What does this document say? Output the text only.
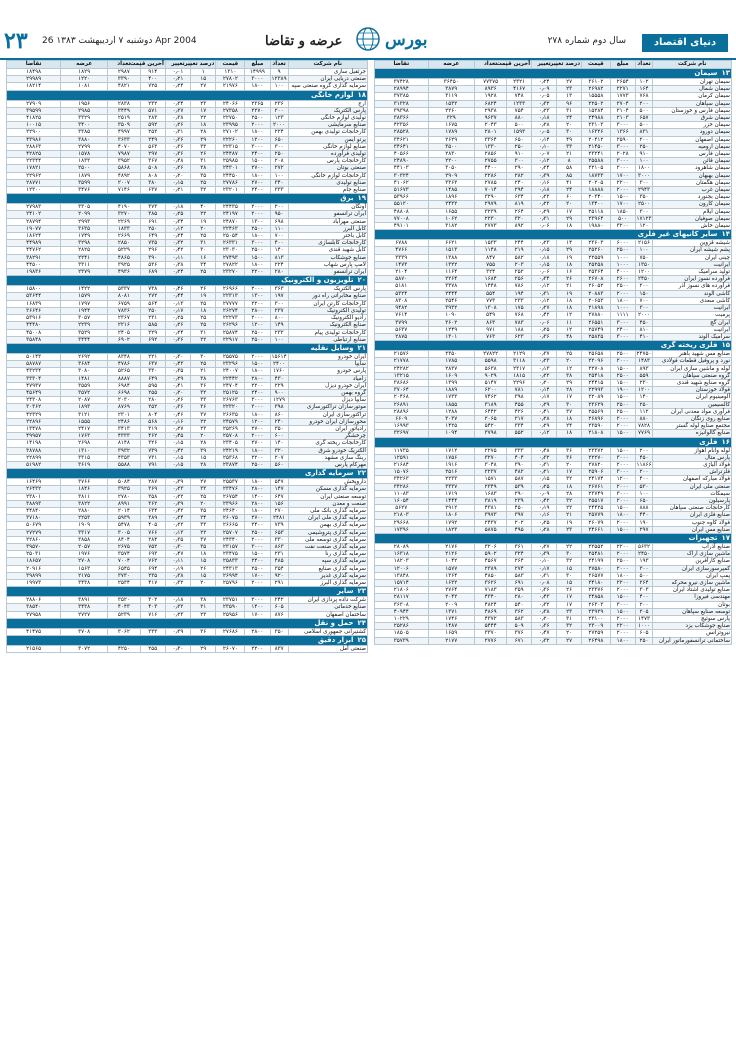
دنیای اقتصاد
سال دوم شماره ۲۷۸
بورس
عرضه و تقاضا
دوشنبه ۷ اردیبهشت ۱۳۸۳ 26 Apr 2004
۲۳
نام شرکت	تعداد	مبلغ	قیمت	درصد تغییر	تغییر	آخرین قیمت	تعداد	عرضه	تقاضا
۱۳سیمان									
سیمان تهران	۱۰۲	۲۶۵۴	۳۶۱۰۲	۲۷	۰٫۲۴	۲۳۲۱	۷۷۳۷۵	۳۶۴۵۰	۳۷۴۲۸
سیمان شمال	۱۶۴	۲۲۷۱	۲۶۹۸۲	۲۳	۰٫۰۹	۴۱۶۷	۸۹۳۶	۳۸۷۹	۲۸۹۹۴
سیمان کرمان	۷۶۸	۱۷۷۳	۱۵۵۵۸	۱۳	۰٫۰۵	۷۴۸	۱۹۲۸	۳۱۱۹	۳۷۳۸۵
سیمان سپاهان	۲۰۰	۲۷۰۴	۲۲۵۰۲	۹۶	۰٫۳۲	۱۲۳۳	۶۸۲۴	۱۵۳۲	۳۱۳۲۸
سیمان فارس و خوزستان	۵۰۰	۲۱۰۴	۱۵۲۸۴	۳۱	۰٫۲۳	۷۵۴	۲۹۳۸	۲۲۶۰	۳۹۳۹۸
سیمان شرق	۶۵۷	۲۱۰۳	۲۴۹۸۸	۲۴	۰٫۱۸	۸۸۰	۹۶۳۷	۳۲۹	۳۸۳۶۶
سیمان خزر	۵۰۰	۳۰۰۰	۲۳۱۰۳	۲۰	۰٫۲۸	۵۰۰	۲۰۴۳	۱۶۷۵	۴۲۳۵۶
سیمان دورود	۸۳۱	۱۳۶۶	۱۶۳۲۶	۳۰	۰٫۰۵	۱۵۹۳	۲۸۰۱	۱۷۸۹	۲۸۵۲۸
سیمان اصفهان	۲۰۰	۲۵۹۰	۲۰۴۱۲	۴۹	۰٫۱۴	۶۵۰	۳۳۶۴	۲۶۲۹	۳۴۶۲۱
سیمان ارومیه	۲۵۰	۳۰۰۰	۲۱۴۵۰	۳۳	۰٫۱۰	۲۵۰	۱۳۳۰	۳۵۰۰	۳۴۶۴۱
سیمان فارس	۹۱۰	۲۰۲۸	۲۳۲۴۱	۲۱	۰٫۰۷	۹۱۰	۲۸۵۶	۲۸۳۰	۴۰۵۶۶
سیمان قائن	۱۰۰	۳۰۰۰	۲۵۵۸۸	۸	۰٫۱۲	۳۰۰	۲۷۵۵	۲۲۰۰	۲۴۸۹۰
سیمان شاهرود	۱۸۰۰	۲۰۰۰	۲۲۱۰۵	۵۸	۰٫۲۴	۲۹۰	۴۴۰۰	۳۰۵۰	۴۴۱۰۳
سیمان بهبهان	۳۰۰۰	۱۷۰۰	۱۸۷۳۳	۸۵	۰٫۳۹	۲۸۲	۲۲۸۶	۲۹۰۹	۳۰۳۲۴
سیمان هگمتان	۳۰۰	۲۲۰۰	۲۰۲۰۵	۴۱	۰٫۱۶	۲۴۰	۲۷۸۵	۳۳۶۳	۴۱۰۶۲
سیمان غرب	۲۹۴۳	۲۰۰۰	۱۸۸۸۸	۲۴	۰٫۱۸	۲۹۴	۷۰۱۴	۱۴۸۵	۵۱۶۷۳
سیمان بجنورد	۳۵۰	۱۵۰۰	۲۰۳۴۰	۶۰	۰٫۲۲	۶۳۴	۳۲۹۰	۱۸۹۶	۵۳۹۶۶
سیمان کارون	۲۵۰۰	۱۷۰۰	۱۳۴۰۰	۲۰	۰٫۲۲	۸۱۹	۲۹۷۹	۲۴۳۲	۵۵۱۲۰
سیمان ایلام	۳۰۰	۱۸۵۰	۲۵۱۱۸	۱۷	۰٫۲۹	۲۶۴	۳۲۳۹	۱۶۵۵	۴۸۸۰۸
سیمان صوفیان	۱۷۱۲۳	۵۰۰	۲۳۹۶۴	۲۹	۰٫۳۱	۳۲۰	۲۲۳۰	۱۰۶۲	۷۷۰۰۸
سیمان خاش	۱۲۰	۳۲۰۰	۱۹۸۸۰	۱۸	۰٫۰۶	۸۹۲	۲۷۷۳	۳۱۸۲	۴۹۱۰۱
۱۴سایر کانیهای غیر فلزی									
شیشه قزوین	۲۱۵۶	۶۰۰۰	۲۳۶۰۳	۱۴	۰٫۲۳	۲۴۴	۱۵۳۳	۶۶۲۱	۶۷۸۸
پشم شیشه ایران	۱۰۰	۲۵۰۰	۲۵۲۶۰	۲۹	۰٫۱۵	۲۱۹	۱۱۴۸	۱۵۱۳	۴۷۶۶
چینی ایران	۷۵۰	۱۰۰۰	۲۲۵۵۹	۱۹	۰٫۱۸	۵۸۲	۸۴۷	۱۳۸۸	۳۳۳۹
ایرانیت	۱۳۵۰	۱۰۰۰	۲۵۲۵۸	۱۸	۰٫۱۵	۲۰۳	۷۵۵	۱۳۲۲	۱۴۷۳
تولید سرامیک	۱۲۰۰	۴۰۰۰	۲۵۳۶۴	۱۶	۰٫۰۶	۲۵۲	۳۲۴	۱۱۶۴	۲۱۰۴
فرآورده نسوز ایران	۲۴۵۰	۲۶۰۰	۲۶۷۰۸	۲۶	۰٫۳۴	۲۵۶	۱۶۸۴	۲۲۶۴	۵۸۷۰
فرآورده های نسوز آذر	۲۰۰	۲۵۰۰	۲۶۰۵۲	۲۱	۰٫۱۲	۷۸۶	۱۴۴۸	۳۳۷۸	۵۱۸۱
کاشی الوند	۱۵۰	۲۰۰۰	۲۰۸۸۳	۱۹	۰٫۳۱	۱۹۴	۵۵۴	۲۴۴۴	۵۳۲۴
کاشی سعدی	۷۰۰	۱۸۰۰	۲۰۶۵۳	۱۸	۰٫۱۲	۲۳۳	۷۷۳	۲۵۴۶	۸۳۰۸
ایرانیت	۳۰۰	۱۰۰۰	۲۱۸۹۸	۱۸	۰٫۲۷	۱۷۵	۱۳۰۸	۳۹۳۲	۹۴۸۲
پرمیت	۲۰۰۰	۱۱۱۱	۲۷۸۸۰	۱۲	۰٫۴۲	۷۶۸	۵۴۹	۱۰۹۰	۷۶۱۴
ایران گچ	۴۵۰	۳۰۰۰	۲۶۵۵۱	۱۱	۰٫۰۶	۷۸۳	۸۶۳	۳۶۰۲	۳۷۹۹
ایرانیت	۸۱۰	۲۴۰۰	۲۵۷۴۹	۱۲	۰٫۲۵	۱۸۸	۹۷۱	۱۲۴۹	۵۶۳۷
سرامیک الوند	۴۱۰	۳۰۰۰	۲۵۸۳۵	۴۸	۰٫۳۶	۶۲۳	۷۶۳	۱۳۰۱	۲۸۷۵
۱۵فلزی ریخته گری									
صنایع مس شهید باهنر	۲۴۷۵۰	۲۵۰۰	۲۵۶۵۸	۲۵	۰٫۳۷	۲۱۲۹	۲۷۸۲۲	۲۳۵۰	۲۱۵۷۶
نورد و پروفیل قطعات فولادی	۱۴۸۳	۲۰۰۰	۲۲۰۹۶	۲۰	۰٫۲۳	۳۱۱۸	۵۵۹۸	۱۷۸۵	۲۱۷۷۸
لوله و ماشین سازی ایران	۸۹۳	۱۵۰۰	۲۲۷۰۸	۱۲	۰٫۱۳	۲۳۱۷	۵۶۳۸	۲۸۳۷	۲۴۲۸۲
گروه صنعتی سپاهان	۵۵۹	۲۵۰۰	۲۵۴۱۸	۳۸	۰٫۲۲	۱۸۱۵	۹۰۲۹	۱۶۰۹	۱۳۲۱۵
گروه صنایع شهید قندی	۲۳۰	۱۵۰۰	۲۴۴۱۵	۲۹	۰٫۲۰	۲۲۹۶	۵۱۴۷	۱۳۹۹	۳۸۶۸۶
فولاد خوزستان	۱۲۰۰	۱۹۰۰	۲۲۹۹۳	۲۸	۰٫۱۴	۷۸۱	۶۲۰۰	۱۸۸۹	۳۷۰۶۴
آلومینیوم ایران	۱۴۰	۱۵۰۰	۲۲۰۸۹	۱۷	۰٫۱۷	۳۹۸	۷۴۶۲	۱۷۳۳	۲۰۴۶۸
کالسیمین	۲۵۰	۲۵۰۰	۲۳۶۲۹	۳۰	۰٫۲۹	۴۵۵	۳۱۸۹	۱۸۵۵	۲۶۸۹۱
فرآوری مواد معدنی ایران	۱۱۲	۲۵۰۰	۲۵۵۶۹	۳۷	۰٫۴۱	۴۲۶	۶۴۴۲	۱۲۸۸	۲۸۸۹۶
صنایع روی زنگان	۸۸۰	۲۰۰۰	۲۶۸۹۶	۱۸	۰٫۲۸	۲۱۷	۲۰۶۵	۳۰۳۷	۶۶۰۹
مجتمع صنایع لوله گستر	۷۸۲۸	۲۰۰۰	۲۳۵۹۰	۲۴	۰٫۲۹	۳۳۴	۵۴۲۰	۱۴۲۵	۱۶۹۹۳
صنایع گالوانیزه	۷۷۶۹	۱۵۰۰	۲۱۸۰۸	۱۸	۰٫۱۲	۵۵۲	۳۷۹۸	۱۰۹۴	۳۲۶۹۷
۱۶فلزی									
لوله وانام اهواز	۲۰۰	۱۵۰۰	۲۳۳۷۲	۳۶	۰٫۴۸	۳۳۳	۲۲۷۵	۱۷۱۲	۱۱۷۳۵
پارس متال	۴۵۰	۳۰۰۰	۲۲۲۷۰	۳۶	۰٫۳۲	۴۰۴	۳۲۷۰	۱۷۵۶	۱۲۵۹۱
فولاد آلیاژی	۱۱۸۶۶	۲۰۰۰	۲۷۸۲۰	۲۰	۰٫۳۱	۳۹۰	۳۰۴۸	۱۹۱۶	۲۱۶۸۴
فلزتراش	۲۰۰	۳۰۰۰	۲۵۹۰۶	۱۷	۰٫۲۱	۴۸۲	۲۲۳۷	۲۵۱۶	۱۵۰۷۶
فولاد مبارکه اصفهان	۴۰۰	۱۲۰۰	۲۴۱۷۴	۳۲	۰٫۱۵	۵۸۷	۱۵۷۱	۲۲۳۳	۳۴۲۶۳
صنعتی ملی ایران	۵۳۰	۲۰۰۰	۲۶۷۶۱	۱۸	۰٫۲۵	۵۳۹	۲۳۴۹	۳۳۳۷	۳۴۲۸۶
سیمکات	۱۰۰	۳۰۰۰	۲۳۷۴۹	۲۸	۰٫۰۹	۲۹۰	۱۶۸۳	۱۷۱۹	۱۱۰۸۳
پارسیلون	۶۵۰	۲۰۰۰	۲۵۵۱۷	۳۲	۰٫۴۲	۲۳۹	۳۸۱۹	۱۴۴۴	۱۶۰۵۴
کارخانجات صنعتی سپاهان	۸۸۸	۱۵۰۰	۲۴۴۲۵	۲۲	۰٫۱۹	۴۵۰	۴۳۸۱	۲۹۱۲	۵۶۲۷
صنایع فلزی ایران	۴۴۰	۱۸۰۰	۲۵۷۷۹	۲۱	۰٫۱۶	۳۹۷	۳۹۷۳	۱۸۰۶	۲۱۸۰۳
فولاد کاوه جنوب	۱۹۰	۲۰۰۰	۲۶۰۷۹	۱۹	۰٫۲۵	۲۰۲	۲۴۳۷	۱۷۹۲	۲۹۶۶۸
صنایع مس ایران	۲۹۷	۱۵۰۰	۲۴۶۶۱	۲۳	۰٫۲۸	۴۹۵	۵۸۷۵	۱۸۲۳	۱۷۳۹۶
۱۷تجهیزات									
صنایع آذرآب	۵۶۳۲	۲۲۰۰	۲۲۵۵۲	۲۲	۰٫۲۷	۳۶۱	۳۲۰۶	۲۱۷۶	۲۸۰۸۹
ماشین سازی اراک	۲۴۵۰	۲۰۰۰	۲۵۴۸۱	۳۰	۰٫۳۹	۳۲۴	۵۹۰۲	۲۱۲۶	۱۶۳۱۸
صنایع کارآفرین	۱۹۳	۲۵۰۰	۲۴۱۹۹	۳۲	۰٫۱۰	۲۶۴	۴۵۶۷	۱۰۴۲	۱۸۲۰۳
کمپرسورسازی ایران	۳۰۰	۲۰۰۰	۲۷۵۸۰	۱۵	۰٫۱۷	۲۷۴	۲۳۸۹	۱۵۷۷	۱۲۰۰۶
پمپ ایران	۵۰۰	۱۸۰۰	۲۶۵۷۷	۳۰	۰٫۳۱	۵۸۳	۴۸۵۰	۱۳۶۴	۱۳۸۴۸
ماشین سازی نیرو محرکه	۲۶۴	۲۲۰۰	۲۴۱۸۰	۱۵	۰٫۰۸	۶۹۱	۳۶۲۶	۱۶۳۲	۱۵۷۱۴
صنایع تولیدی اشتاد ایران	۳۰۳	۲۰۰۰	۲۳۳۷۶	۲۶	۰٫۳۶	۳۵۹	۷۱۸۳	۲۷۶۴	۲۱۸۰۶
مهندسی فیروزا	۴۰۰	۱۵۰۰	۲۴۸۵۸	۱۷	۰٫۴۳	۲۸۰	۴۳۴۰	۲۰۴۲	۲۸۱۱۷
بوتان	۲۰۰	۳۰۰۰	۲۶۳۰۳	۱۷	۰٫۳۲	۵۴۰	۴۸۲۴	۲۰۰۹	۳۶۳۰۸
توسعه صنایع سپاهان	۲۰۵	۱۵۰۰	۲۳۹۲۹	۲۳	۰٫۳۸	۳۶۲	۴۸۶۹	۱۳۷۱	۴۰۹۴۴
پارس سوئیچ	۱۴۷۳	۲۰۰۰	۲۳۱۰۰	۳۱	۰٫۲۰	۵۸۳	۴۳۷۲	۱۷۴۶	۱۰۲۲۹
صنایع جوشکاب یزد	۱۰۰۰	۲۲۰۰	۲۳۰۰۹	۳۲	۰٫۳۶	۵۰۹	۵۴۴۴	۱۴۸۷	۲۵۲۸۶
نیروترانس	۶۰۵	۲۰۰۰	۲۷۲۵۹	۲۰	۰٫۴۷	۳۷۶	۳۳۷۰	۱۶۵۹	۱۸۵۰۵
ساختمانی ترانسفورماتور ایران	۲۵۰	۱۸۰۰	۲۶۴۹۸	۲۷	۰٫۳۲	۶۷۱	۲۷۷۶	۲۱۷۷	۳۵۷۳۹
نام شرکت	تعداد	مبلغ	قیمت	درصد تغییر	تغییر	آخرین قیمت	تعداد	عرضه	تقاضا
جرثقیل سازی	۹	۱۴۹۹۹	۱۳۱۰	۱	۰٫۰۱	۹۱۴	۲۹۸۷	۱۸۲۹	۱۸۴۹۸
صنعتی دریایی ایران	۱۲۳۸۹	۳۰۰۰	۲۷۸۰۲	۱۵	۰٫۲۱	۴۰۰	۳۳۹۰	۱۲۲۰	۲۹۹۸۹
سرمایه گذاری گروه صنعتی سپه	۱۰۰	۱۸۰۰	۲۱۹۷۶	۲۷	۰٫۲۴	۷۲۵	۴۸۲۱	۱۰۸۱	۱۸۲۱۴
۱۸لوازم خانگی									
ارج	۲۳۶	۲۳۶۵	۲۴۰۶۶	۲۳	۰٫۳۴	۲۳۲	۲۸۳۸	۱۹۵۶	۲۷۹۰۹
پارس الکتریک	۲۰۰	۲۲۷۰	۲۷۳۵۸	۱۷	۰٫۲۷	۵۷۱	۳۴۴۹	۲۹۸۵	۳۹۵۹۹
تولیدی لوازم خانگی	۱۲۳	۲۵۰۰	۲۲۷۵۰	۲۲	۰٫۳۸	۲۸۳	۲۵۱۹	۳۳۲۹	۴۱۸۲۵
صنایع سرمایشی	۲۰۰۰	۲۰۰۰	۲۳۹۹۵	۱۸	۰٫۲۶	۵۹۲	۳۵۰۹	۳۴۰۰	۱۰۰۱۵
کارخانجات تولیدی بهمن	۲۲۴	۱۸۰۰	۲۷۱۰۲	۲۸	۰٫۳۱	۲۵۲	۴۹۹۷	۳۳۸۵	۲۲۹۰۰
پرتو ایمن	۶۵۰	۱۲۰۰	۲۲۲۶۰	۲۹	۰٫۳۶	۲۴۹	۳۶۳۳	۳۸۸۰	۴۳۹۸۶
صنایع لوازم خانگی	۳۰۰	۳۰۰۰	۲۲۳۱۵	۳۳	۰٫۳۶	۵۶۳	۴۰۷۰	۲۷۹۹	۲۸۸۶۳
تولیدی فرآورده	۲۵۰	۲۴۰۰	۲۴۴۸۷	۲۶	۰٫۳۶	۲۹۷	۷۹۸۷	۱۵۷۸	۴۲۸۲۵
کارخانجات پارس	۲۰۸	۱۵۰۰	۲۵۹۸۵	۳۱	۰٫۴۸	۳۶۷	۳۹۵۲	۱۸۳۳	۲۲۳۴۴
صنعتی بوتان	۲۷۲	۲۷۰۰	۲۴۳۰۱	۲۸	۰٫۲۶	۵۰۸	۵۸۶۸	۲۵۰۰	۱۷۸۲۱
کارخانجات لوازم خانگی	۱۰۰	۱۸۰۰	۲۴۴۵۰	۳۵	۰٫۲۰	۸۰۸	۴۸۹۲	۱۸۷۹	۲۲۹۶۲
صنایع تولیدی	۳۴۰	۲۷۰۰	۲۷۷۸۶	۲۵	۰٫۱۵	۳۸۰	۲۰۰۷	۳۵۹۹	۲۸۷۷۱
صنایع جام	۳۳۳	۲۴۰۰	۲۳۲۰۱	۳۲	۰٫۲۱	۶۳۷	۷۱۴۶	۳۴۷۶	۱۲۳۰۰
۱۹برق									
آونگان	۲۰۰	۲۰۰۰	۲۴۴۳۵	۴۰	۰٫۱۸	۳۷۳	۴۱۹۰	۳۳۰۵	۲۷۹۸۳
ایران ترانسفو	۹۵۰	۲۰۰۰	۲۴۱۹۷	۲۲	۰٫۲۵	۳۸۵	۳۲۷۰	۲۰۹۹	۲۴۱۰۲
صنعتی مهرآباد	۶۹۸	۱۳۰۰	۲۴۸۷۰	۱۹	۰٫۳۴	۶۹۱	۲۲۶۹	۲۹۹۳	۲۸۷۹۴
کابل البرز	۱۱۰	۲۵۰۰	۲۲۴۶۳	۲۰	۰٫۱۲	۲۵۰	۱۸۳۳	۳۶۳۵	۱۹۰۷۷
کابل باختر	۷۰۰	۱۸۰۰	۲۵۰۵۴	۲۵	۰٫۲۴	۶۴۹	۲۶۶۹	۱۷۴۹	۱۸۶۲۴
کارخانجات کابلسازی	۴۰۰	۳۰۰۰	۲۶۳۳۱	۳۱	۰٫۳۲	۷۳۵	۲۸۵۰	۳۲۹۸	۴۴۹۸۹
کابل شهید قندی	۱۴۰	۲۵۰۰	۲۳۰۳۰	۳۰	۰٫۴۲	۲۹۶	۵۲۲۹	۲۸۲۵	۴۴۷۶۲
صنایع جوشکاب	۸۱۳	۱۵۰۰	۲۷۴۹۳	۱۶	۰٫۱۱	۳۹۰	۴۸۶۵	۲۲۴۱	۳۸۲۹۱
لامپ پارس شهاب	۲۲۴	۱۸۰۰	۲۷۸۲۲	۳۴	۰٫۳۸	۵۳۶	۳۹۲۵	۳۳۱۱	۴۴۵۰۰
ایران ترانسفو	۲۸۰	۲۲۰۰	۲۳۲۷۰	۲۵	۰٫۲۴	۶۸۹	۴۹۳۶	۲۳۷۹	۱۹۸۳۶
۲۰تلویزیون و الکترونیک									
پارس الکتریک	۳۶۳	۲۰۰۰	۲۶۹۶۶	۲۶	۰٫۴۶	۷۳۸	۵۳۳۷	۱۴۲۲	۱۵۸۰۰
صنایع مخابراتی راه دور	۱۹۷	۱۳۰۰	۲۲۳۱۳	۱۹	۰٫۴۴	۲۷۲	۸۰۸۱	۱۵۷۹	۵۳۶۴۴
کارخانجات کارتن ایران	۳۰۰	۲۲۰۰	۲۷۷۷۷	۲۵	۰٫۱۳	۵۶۴	۶۷۵۹	۱۷۹۷	۱۶۸۳۹
تولیدی الکترونیک	۲۳۷	۲۸۰۰	۲۶۲۷۴	۱۸	۰٫۱۷	۲۵۰	۷۸۳۶	۱۹۴۴	۳۶۶۴۶
رادیو الکترونیک	۸۰۰	۲۰۰۰	۲۲۲۷۳	۲۵	۰٫۲۵	۲۳۱	۲۳۶۷	۳۰۵۷	۵۳۹۱۶
صنایع الکترونیک	۱۴۹	۱۲۰۰	۲۶۲۹۶	۲۵	۰٫۲۶	۵۸۵	۲۲۱۶	۲۲۳۹	۴۴۴۸۰
کارخانجات تولیدی پیام	۲۳۲	۲۵۰۰	۲۵۸۷۴	۳۱	۰٫۲۴	۲۲۹	۲۴۰۵	۳۵۲۹	۴۵۰۰۸
صنایع ارتباطی	۱۰۰	۲۵۰۰	۲۲۹۱۷	۲۲	۰٫۳۶	۶۹۲	۶۹۰۲	۳۴۴۴	۳۵۸۴۸
۲۱وسایل نقلیه									
ایران خودرو	۱۵۶۱۴	۲۰۰۰	۲۵۵۷۵	۳۰	۰٫۳۰	۲۲۱	۸۳۴۸	۲۶۹۲	۵۰۱۴۳
سایپا	۲۴۰۰	۱۵۰۰	۲۳۲۹۶	۲۵	۰٫۴۳	۶۳۷	۴۷۸۶	۳۶۸۴	۵۸۷۸۷
پارس خودرو	۱۷۶۰	۱۸۰۰	۲۴۰۰۷	۲۱	۰٫۳۵	۳۳۰	۵۲۶۵	۳۰۸۰	۴۳۲۳۴
زامیاد	۴۳۰	۲۸۰۰	۲۲۴۴۲	۳۸	۰٫۲۹	۶۴۹	۸۸۸۷	۱۴۸۱	۳۳۳۰۴
ایران خودرو دیزل	۲۲۹	۲۲۰۰	۲۴۷۰۴	۳۶	۰٫۴۱	۵۹۵	۶۹۸۴	۳۵۵۹	۴۷۹۳۷
گروه بهمن	۹۰۰	۲۴۰۰	۲۵۱۲۵	۳۲	۰٫۲۰	۲۵۵	۶۶۹۸	۳۵۷۲	۴۵۶۴۹
سایپا دیزل	۱۲۷۹	۳۰۰۰	۲۶۷۶۳	۳۳	۰٫۲۶	۲۸۰	۲۰۳۰	۲۰۸۷	۲۴۳۰۸
موتورسازان تراکتورسازی	۳۹۸	۲۰۰۰	۲۲۳۲۰	۳۶	۰٫۳۶	۲۵۲	۸۷۶۹	۱۸۹۳	۳۰۳۶۲
تراکتورسازی ایران	۸۶۰	۱۸۰۰	۲۶۶۳۵	۳۷	۰٫۴۶	۸۰۴	۲۳۰۱	۳۱۲۱	۴۲۳۲۹
محورسازان ایران خودرو	۲۴۰	۱۲۰۰	۲۴۵۷۹	۲۲	۰٫۱۶	۵۶۸	۲۴۸۶	۱۵۵۵	۲۲۸۹۶
رادیاتور ایران	۳۵۰	۲۷۰۰	۲۵۲۶۹	۲۳	۰٫۲۷	۳۱۹	۳۴۱۳	۲۴۱۷	۱۳۴۷۸
چرخشگر	۶۰۰	۲۰۰۰	۲۵۷۰۸	۲۰	۰٫۴۵	۴۶۲	۴۳۳۳	۱۷۶۳	۴۹۹۵۷
کارخانجات ریخته گری	۱۴۰	۲۷۰۰	۲۳۴۰۵	۲۸	۰٫۱۵	۳۲۶	۸۱۴۸	۲۶۹۸	۱۴۱۹۸
الکتریک خودرو شرق	۳۲۰	۱۸۰۰	۲۴۲۱۹	۳۹	۰٫۴۲	۷۳۹	۳۹۳۲	۱۳۱۰	۳۸۷۸۸
رینگ سازی مشهد	۲۰۷	۲۲۰۰	۲۵۳۶۸	۱۵	۰٫۱۵	۷۳۱	۴۳۵۳	۳۳۱۵	۲۲۸۹۹
مهرکام پارس	۵۶۰	۲۵۰۰	۲۳۸۷۴	۲۸	۰٫۱۵	۷۹۱	۵۵۸۸	۳۶۱۹	۵۱۹۸۲
۲۲سرمایه گذاری									
داروپخش	۵۴۷	۱۸۰۰	۲۵۵۳۷	۲۷	۰٫۳۹	۲۸۷	۵۰۸۴	۳۷۶۶	۱۶۴۶۹
سرمایه گذاری مسکن	۱۴۷	۲۸۰۰	۲۳۴۷۶	۳۳	۰٫۲۳	۳۶۹	۳۹۲۵	۱۸۴۶	۲۶۴۳۲
توسعه صنعتی ایران	۶۴۷	۱۴۰۰	۲۶۷۵۴	۲۵	۰٫۲۲	۳۵۸	۲۷۸۰	۳۸۱۱	۲۳۸۰۱
صنعت و معدن	۱۵۶	۲۸۰۰	۲۳۹۶۶	۲۰	۰٫۳۹	۳۶۲	۸۹۹۱	۳۸۲۲	۳۸۸۹۳
سرمایه گذاری بانک ملی	۲۷۰	۱۸۰۰	۲۴۶۴۰	۳۵	۰٫۴۲	۶۳۴	۲۰۱۴	۲۸۸۰	۴۴۸۴۰
سرمایه گذاری ملی ایران	۲۴۸۱	۲۷۰۰	۲۶۰۷۵	۲۴	۰٫۲۴	۳۸۹	۵۹۳۹	۲۲۵۳	۳۷۱۸۰
سرمایه گذاری بهمن	۷۳۹	۲۴۰۰	۲۶۶۶۵	۳۳	۰٫۲۲	۴۰۵	۵۴۷۸	۱۹۰۹	۵۰۶۷۹
سرمایه گذاری پتروشیمی	۶۵۳	۲۵۰۰	۲۵۷۰۷	۲۲	۰٫۱۳	۷۶۶	۳۰۰۵	۳۳۱۷	۲۷۲۷۹
سرمایه گذاری توسعه ملی	۳۳۰	۲۰۰۰	۲۴۳۴۰	۳۷	۰٫۳۵	۲۸۴	۸۴۰۴	۳۸۵۸	۲۲۸۶۰
سرمایه گذاری صنعت نفت	۸۶۳	۳۰۰۰	۲۳۱۵۷	۳۵	۰٫۳۰	۷۵۲	۲۶۷۵	۲۰۵۷	۳۹۵۷۰
سرمایه گذاری رنا	۲۳۱	۱۵۰۰	۲۳۴۷۵	۱۸	۰٫۴۷	۶۹۳	۳۵۷۴	۱۹۷۶	۲۵۰۳۱
سرمایه گذاری سپه	۴۸۵	۲۴۰۰	۲۵۸۳۳	۱۵	۰٫۱۱	۷۶۲	۷۰۰۴	۲۷۰۸	۱۸۶۵۷
سرمایه گذاری صنایع	۳۵۴	۲۵۰۰	۲۴۳۱۳	۲۶	۰٫۱۹	۶۹۴	۶۵۴۵	۱۵۶۳	۲۰۹۱۶
سرمایه گذاری غدیر	۹۲۰	۱۷۰۰	۲۶۹۹۴	۱۵	۰٫۳۸	۲۳۵	۳۷۳۰	۲۱۷۵	۳۹۸۹۹
سرمایه گذاری البرز	۲۹۱	۲۰۰۰	۲۵۷۹۶	۲۰	۰٫۳۲	۴۱۷	۲۵۳۴	۳۴۳۸	۱۹۹۷۳
۲۳سایر									
شرکت داده پردازی ایران	۲۴۲	۲۰۰۰	۲۳۷۵۱	۳۸	۰٫۱۸	۳۰۲	۳۵۲۰	۳۸۹۱	۲۸۸۰۶
صنایع خدماتی	۶۰۵	۱۴۰۰	۲۳۵۹۰	۲۱	۰٫۳۲	۴۰۳	۴۰۴۳	۳۴۳۸	۳۸۵۴۰
ساختمان اصفهان	۸۷۶	۱۷۰۰	۲۵۹۵۶	۲۳	۰٫۲۳	۷۱۶	۵۲۳۹	۲۷۲۷	۲۷۹۵۸
۲۴حمل و نقل									
کشتیرانی جمهوری اسلامی	۳۵۰	۲۸۰۰	۲۷۶۸۶	۳۶	۰٫۳۹	۳۳۳	۳۰۶۲	۳۷۰۸	۴۱۴۷۵
۲۵ابزار دقیق									
صنعتی آمل	۸۳۷	۲۲۰۰	۲۶۰۷۰	۲۹	۰٫۳۰	۲۵۵	۴۲۵۰	۳۰۷۲	۲۱۵۶۵
